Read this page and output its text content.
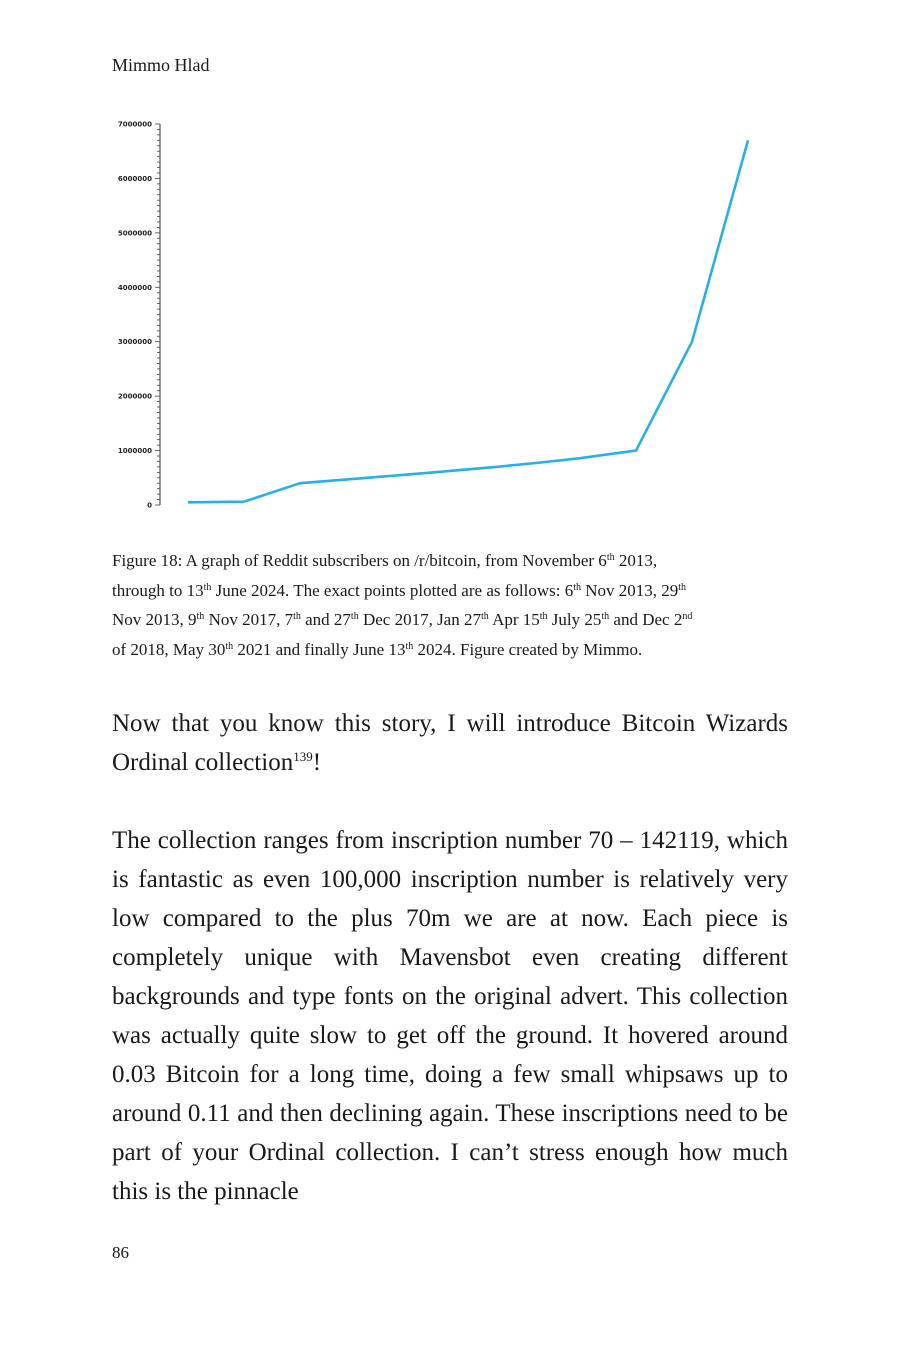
Mimmo Hlad
0
1000000
2000000
3000000
4000000
5000000
6000000
7000000
Figure 18: A graph of Reddit subscribers on /r/bitcoin, from November 6th 2013,
through to 13th June 2024. The exact points plotted are as follows: 6th Nov 2013, 29th
Nov 2013, 9th Nov 2017, 7th and 27th Dec 2017, Jan 27th Apr 15th July 25th and Dec 2nd
of 2018, May 30th 2021 and finally June 13th 2024. Figure created by Mimmo.

Now that you know this story, I will introduce Bitcoin Wizards Ordinal collection$^{139}$!

The collection ranges from inscription number 70 – 142119, which is fantastic as even 100,000 inscription number is relatively very low compared to the plus 70m we are at now. Each piece is completely unique with Mavensbot even creating different backgrounds and type fonts on the original advert. This collection was actually quite slow to get off the ground. It hovered around 0.03 Bitcoin for a long time, doing a few small whipsaws up to around 0.11 and then declining again. These inscriptions need to be part of your Ordinal collection. I can’t stress enough how much this is the pinnacle

86
